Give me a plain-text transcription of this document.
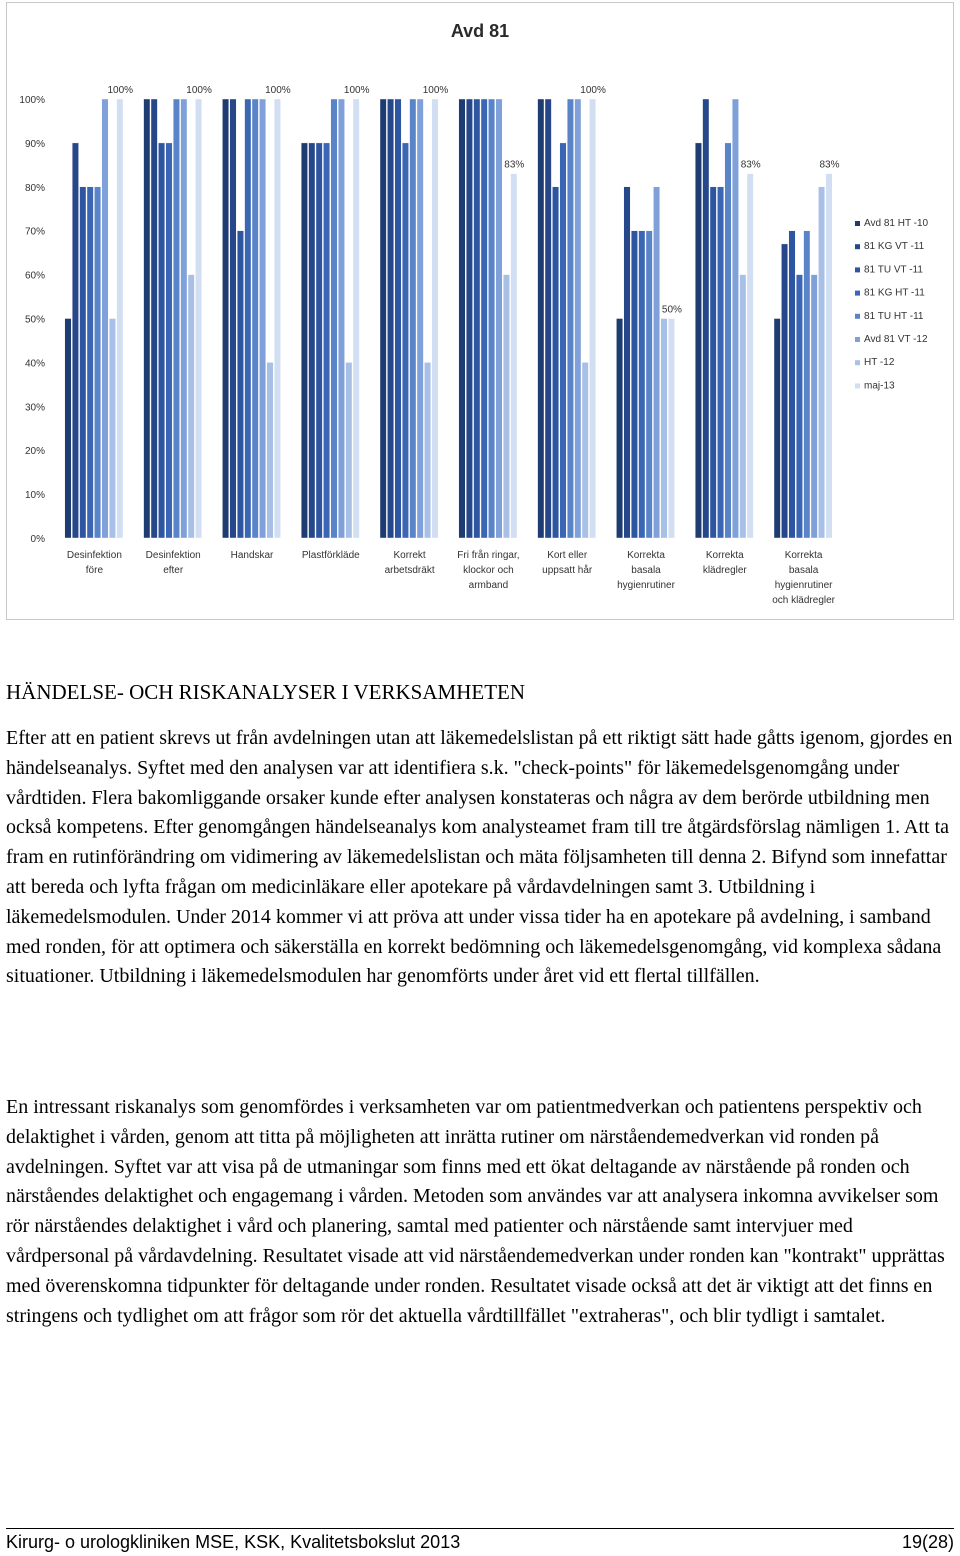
Avd 81
0%
10%
20%
30%
40%
50%
60%
70%
80%
90%
100%
100%
Desinfektion
före
100%
Desinfektion
efter
100%
Handskar
100%
Plastförkläde
100%
Korrekt
arbetsdräkt
83%
Fri från ringar,
klockor och
armband
100%
Kort eller
uppsatt hår
50%
Korrekta
basala
hygienrutiner
83%
Korrekta
klädregler
83%
Korrekta
basala
hygienrutiner
och klädregler
Avd 81 HT -10
81 KG VT -11
81 TU VT -11
81 KG HT -11
81 TU HT -11
Avd 81 VT -12
HT -12
maj-13
HÄNDELSE- OCH RISKANALYSER I VERKSAMHETEN

Efter att en patient skrevs ut från avdelningen utan att läkemedelslistan på ett riktigt sätt hade gåtts igenom, gjordes en händelseanalys. Syftet med den analysen var att identifiera s.k. "check-points" för läkemedelsgenomgång under vårdtiden. Flera bakomliggande orsaker kunde efter analysen konstateras och några av dem berörde utbildning men också kompetens. Efter genomgången händelseanalys kom analysteamet fram till tre åtgärdsförslag nämligen 1. Att ta fram en rutinförändring om vidimering av läkemedelslistan och mäta följsamheten till denna 2. Bifynd som innefattar att bereda och lyfta frågan om medicinläkare eller apotekare på vårdavdelningen samt 3. Utbildning i läkemedelsmodulen. Under 2014 kommer vi att pröva att under vissa tider ha en apotekare på avdelning, i samband med ronden, för att optimera och säkerställa en korrekt bedömning och läkemedelsgenomgång, vid komplexa sådana situationer. Utbildning i läkemedelsmodulen har genomförts under året vid ett flertal tillfällen.

En intressant riskanalys som genomfördes i verksamheten var om patientmedverkan och patientens perspektiv och delaktighet i vården, genom att titta på möjligheten att inrätta rutiner om närståendemedverkan vid ronden på avdelningen. Syftet var att visa på de utmaningar som finns med ett ökat deltagande av närstående på ronden och närståendes delaktighet och engagemang i vården. Metoden som användes var att analysera inkomna avvikelser som rör närståendes delaktighet i vård och planering, samtal med patienter och närstående samt intervjuer med vårdpersonal på vårdavdelning. Resultatet visade att vid närståendemedverkan under ronden kan "kontrakt" upprättas med överenskomna tidpunkter för deltagande under ronden. Resultatet visade också att det är viktigt att det finns en stringens och tydlighet om att frågor som rör det aktuella vårdtillfället "extraheras", och blir tydligt i samtalet.

Kirurg- o urologkliniken MSE, KSK, Kvalitetsbokslut 2013	19(28)
